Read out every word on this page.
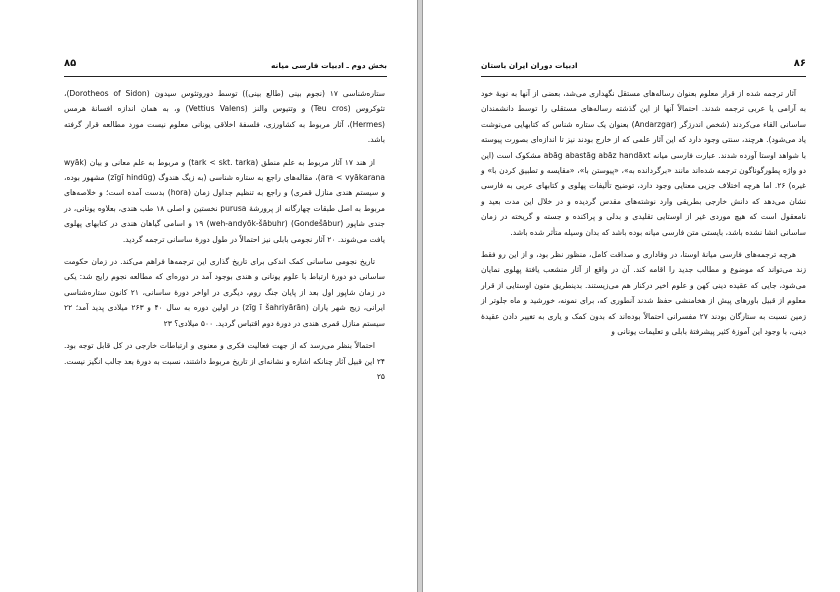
بخش دوم ـ ادبیات فارسی میانه
۸۵

ستاره‌شناسی ۱۷ (نجوم بینی (طالع بینی)) توسط دوروتئوس سیدون (Dorotheos of Sidon)، تئوکروس (Teu cros) و وتتیوس والنز (Vettius Valens) و، به همان اندازه افسانهٔ هرمس (Hermes)، آثار مربوط به کشاورزی، فلسفهٔ اخلاقی یونانی معلوم نیست مورد مطالعه قرار گرفته باشد.

از هند ۱۷ آثار مربوط به علم منطق (tark < skt. tarka) و مربوط به علم معانی و بیان (wyāk ara < vyākarana)، مقاله‌های راجع به ستاره شناسی (به زیگ هندوگ (zīgī hindūg) مشهور بوده، و سیستم هندی منازل قمری) و راجع به تنظیم جداول زمان (hora) بدست آمده است؛ و خلاصه‌های مربوط به اصل طبقات چهارگانه از پرورشهٔ purusa نخستین و اصلی ۱۸ طب هندی، بعلاوه یونانی، در جندی شاپور (Gondešābur) (weh-andyōk-šābuhr) ۱۹ و اسامی گیاهان هندی در کتابهای پهلوی یافت می‌شوند. ۲۰ آثار نجومی بابلی نیز احتمالاً در طول دورهٔ ساسانی ترجمه گردید.

تاریخ نجومی ساسانی کمک اندکی برای تاریخ گذاری این ترجمه‌ها فراهم می‌کند. در زمان حکومت ساسانی دو دورهٔ ارتباط با علوم یونانی و هندی بوجود آمد در دوره‌ای که مطالعه نجوم رایج شد: یکی در زمان شاپور اول بعد از پایان جنگ روم، دیگری در اواخر دورهٔ ساسانی، ۲۱ کانون ستاره‌شناسی ایرانی، زیج شهر یاران (zīg ī šahriyārān) در اولین دوره به سال ۴۰ و ۲۶۳ میلادی پدید آمد؛ ۲۲ سیستم منازل قمری هندی در دورهٔ دوم اقتباس گردید. ۵۰۰ میلادی؟ ۲۳

احتمالاً بنظر می‌رسد که از جهت فعالیت فکری و معنوی و ارتباطات خارجی در کل قابل توجه بود. ۲۴ این قبیل آثار چنانکه اشاره و نشانه‌ای از تاریخ مربوط داشتند، نسبت به دورهٔ بعد جالب انگیز نیست. ۲۵

ادبیات دوران ایران باستان	۸۶

آثار ترجمه شده از قرار معلوم بعنوان رساله‌های مستقل نگهداری می‌شد، بعضی از آنها به نوبهٔ خود به آرامی یا عربی ترجمه شدند. احتمالاً آنها از این گذشته رساله‌های مستقلی را توسط دانشمندان ساسانی القاء می‌کردند (شخص اندرزگر (Andarzgar) بعنوان یک ستاره شناس که کتابهایی می‌نوشت یاد می‌شود). هرچند، سنتی وجود دارد که این آثار علمی که از خارج بودند نیز تا اندازه‌ای بصورت پیوسته با شواهد اوستا آورده شدند. عبارت فارسی میانه abāg abastāg abāz handāxt مشکوک است (این دو واژه پطورگوناگون ترجمه شده‌اند مانند «برگردانده به»، «پیوستن با»، «مقایسه و تطبیق کردن با» و غیره) ۲۶. اما هرچه اختلاف جزیی معنایی وجود دارد، توضیح تألیفات پهلوی و کتابهای عربی به فارسی نشان می‌دهد که دانش خارجی بطریقی وارد نوشته‌های مقدس گردیده و در خلال این مدت بعید و نامعقول است که هیچ موردی غیر از اوستایی تقلیدی و بدلی و پراکنده و جسته و گریخته در زمان ساسانی انشا نشده باشد، بایستی متن فارسی میانه بوده باشد که بدان وسیله متأثر شده باشد.

هرچه ترجمه‌های فارسی میانهٔ اوستا، در وفاداری و صداقت کامل، منظور نظر بود، و از این رو فقط زند می‌تواند که موضوع و مطالب جدید را اقامه کند. آن در واقع از آثار منشعب یافتهٔ پهلوی نمایان می‌شود، جایی که عقیده دینی کهن و علوم اخیر درکنار هم می‌زیستند. بدینطریق متون اوستایی از قرار معلوم از قبیل باورهای پیش از هخامنشی حفظ شدند آنطوری که، برای نمونه، خورشید و ماه جلوتر از زمین نسبت به ستارگان بودند ۲۷ مفسرانی احتمالاً بوده‌اند که بدون کمک و یاری به تغییر دادن عقیدهٔ دینی، با وجود این آموزهٔ کثیر پیشرفتهٔ بابلی و تعلیمات یونانی و
